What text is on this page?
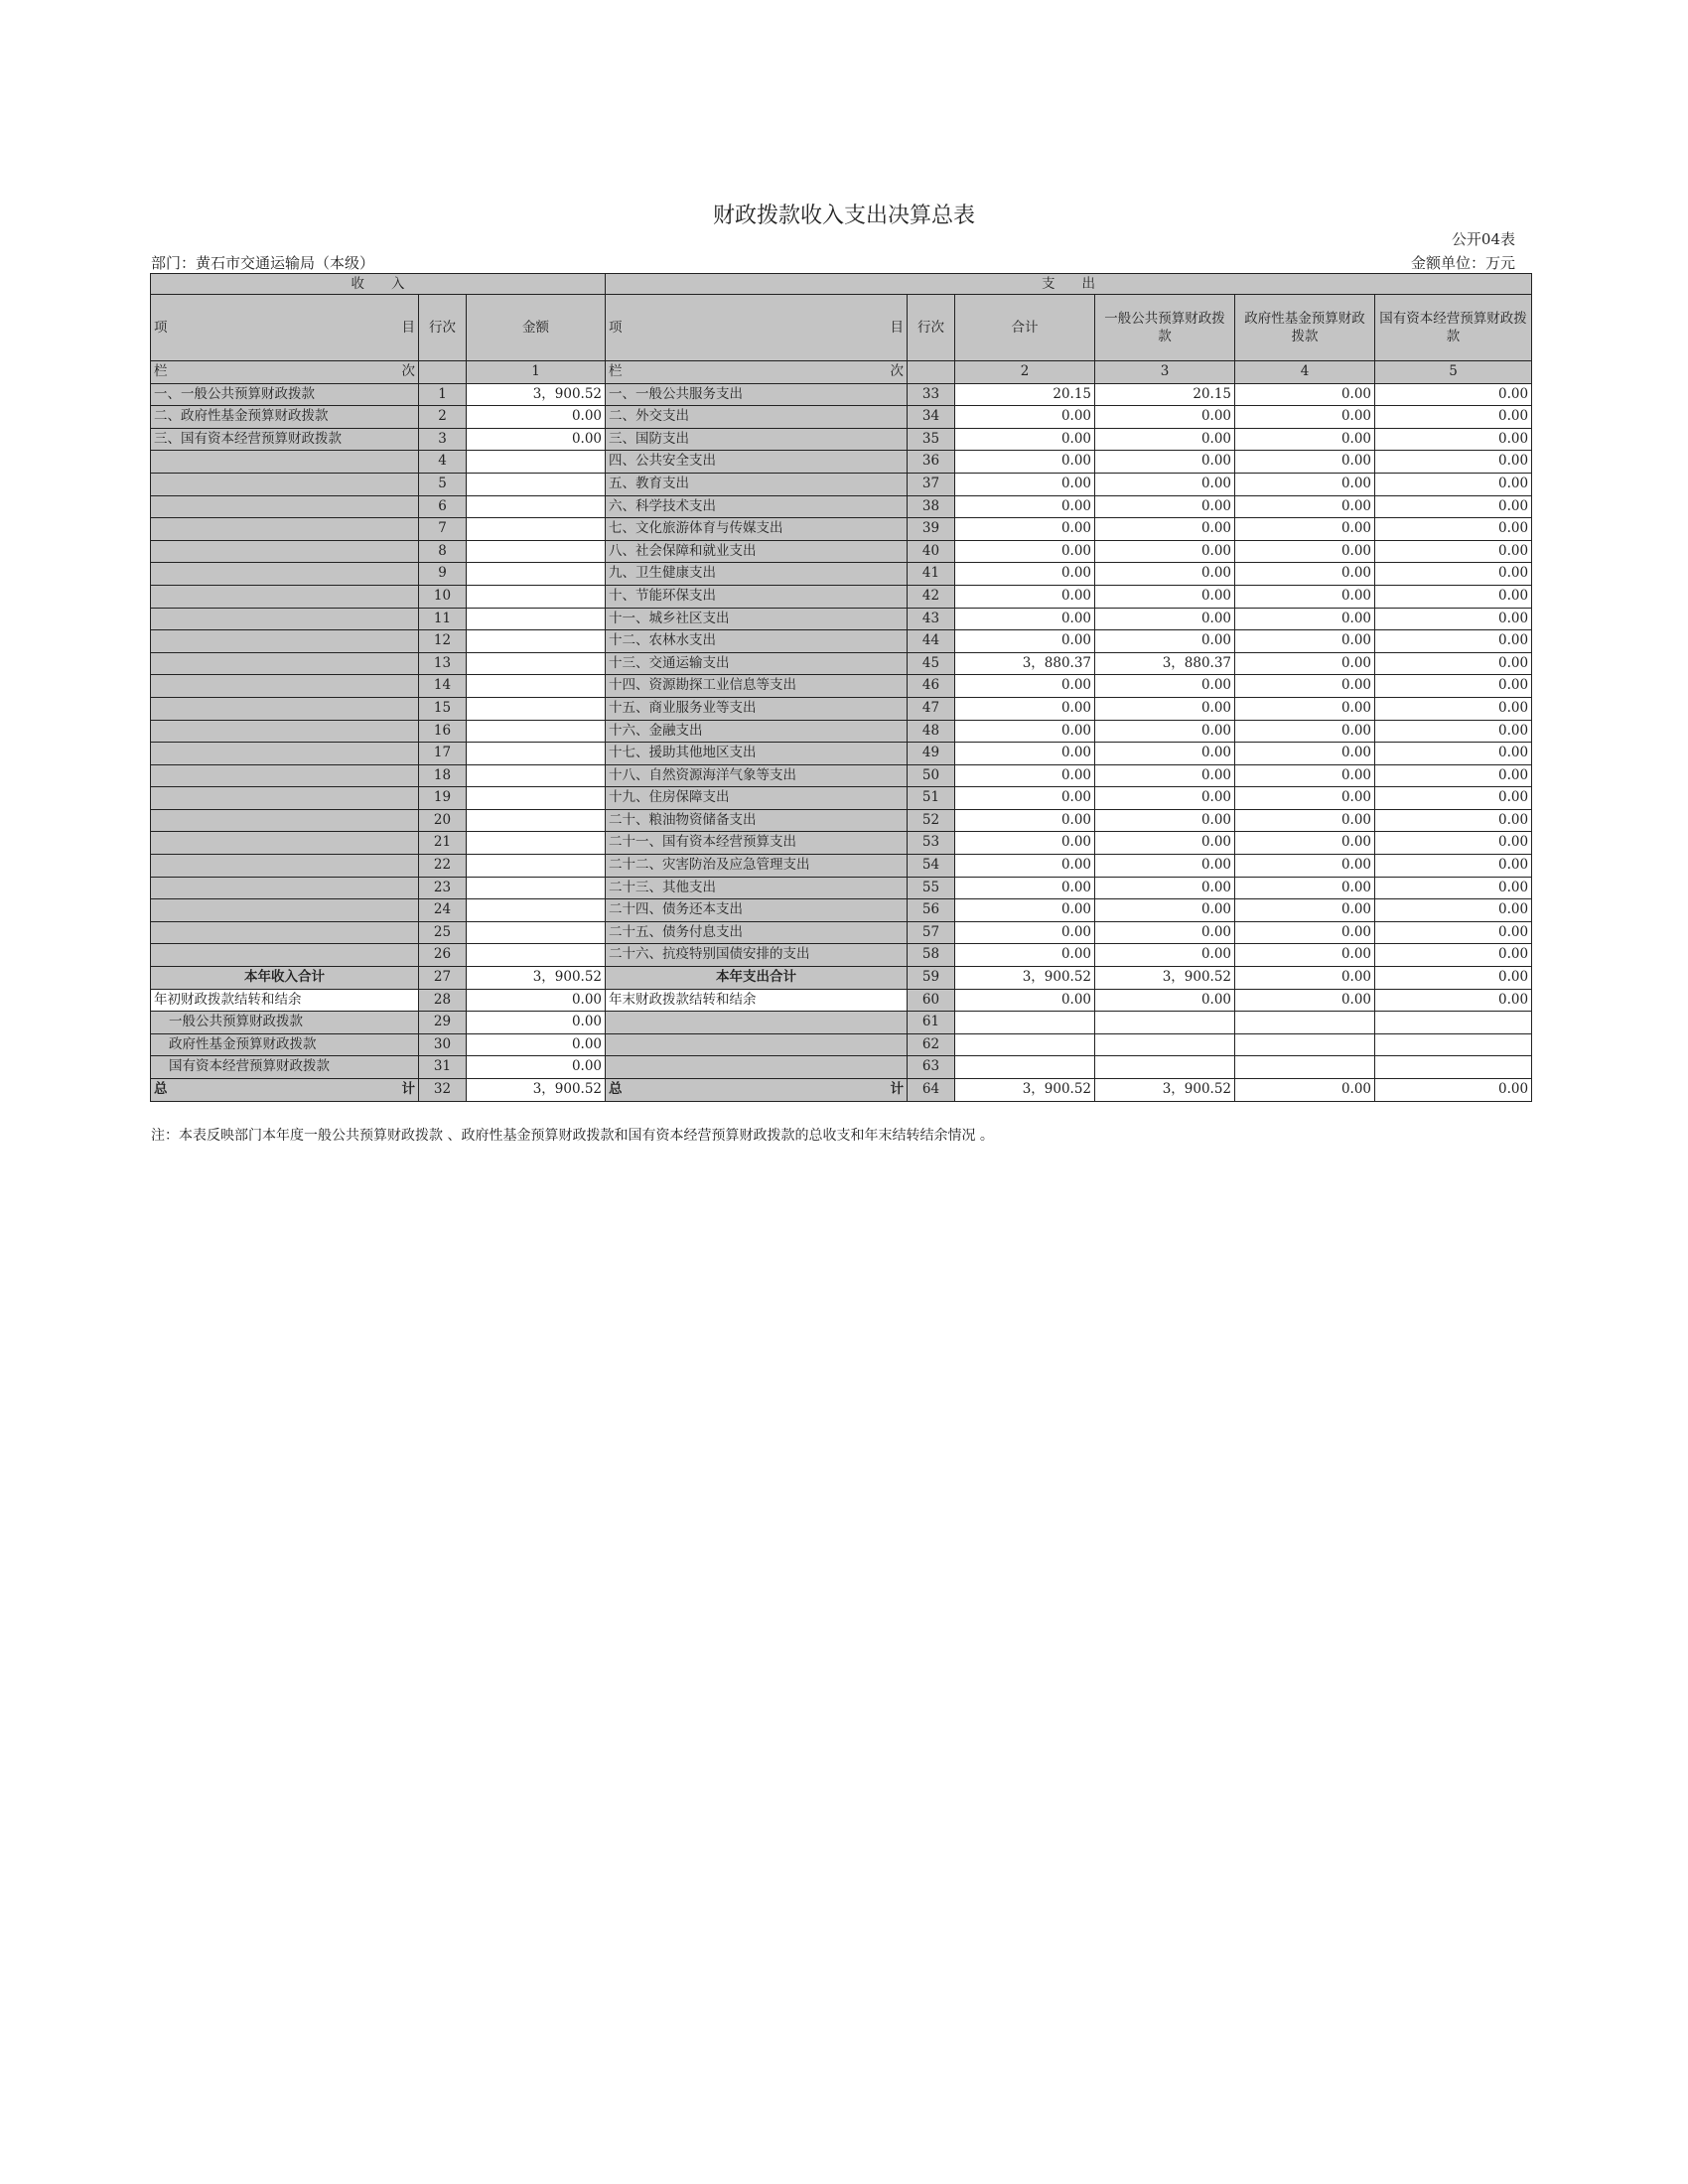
财政拨款收入支出决算总表
公开04表
部门：黄石市交通运输局（本级）	金额单位：万元
收　　入			支　　出					

项 目	行次	金额	项 目	行次	合计	一般公共预算财政拨款	政府性基金预算财政拨款	国有资本经营预算财政拨款

栏 次		1	栏 次		2	3	4	5
一、一般公共预算财政拨款	1	3，900.52	一、一般公共服务支出	33	20.15	20.15	0.00	0.00
二、政府性基金预算财政拨款	2	0.00	二、外交支出	34	0.00	0.00	0.00	0.00
三、国有资本经营预算财政拨款	3	0.00	三、国防支出	35	0.00	0.00	0.00	0.00
	4		四、公共安全支出	36	0.00	0.00	0.00	0.00
	5		五、教育支出	37	0.00	0.00	0.00	0.00
	6		六、科学技术支出	38	0.00	0.00	0.00	0.00
	7		七、文化旅游体育与传媒支出	39	0.00	0.00	0.00	0.00
	8		八、社会保障和就业支出	40	0.00	0.00	0.00	0.00
	9		九、卫生健康支出	41	0.00	0.00	0.00	0.00
	10		十、节能环保支出	42	0.00	0.00	0.00	0.00
	11		十一、城乡社区支出	43	0.00	0.00	0.00	0.00
	12		十二、农林水支出	44	0.00	0.00	0.00	0.00
	13		十三、交通运输支出	45	3，880.37	3，880.37	0.00	0.00
	14		十四、资源勘探工业信息等支出	46	0.00	0.00	0.00	0.00
	15		十五、商业服务业等支出	47	0.00	0.00	0.00	0.00
	16		十六、金融支出	48	0.00	0.00	0.00	0.00
	17		十七、援助其他地区支出	49	0.00	0.00	0.00	0.00
	18		十八、自然资源海洋气象等支出	50	0.00	0.00	0.00	0.00
	19		十九、住房保障支出	51	0.00	0.00	0.00	0.00
	20		二十、粮油物资储备支出	52	0.00	0.00	0.00	0.00
	21		二十一、国有资本经营预算支出	53	0.00	0.00	0.00	0.00
	22		二十二、灾害防治及应急管理支出	54	0.00	0.00	0.00	0.00
	23		二十三、其他支出	55	0.00	0.00	0.00	0.00
	24		二十四、债务还本支出	56	0.00	0.00	0.00	0.00
	25		二十五、债务付息支出	57	0.00	0.00	0.00	0.00
	26		二十六、抗疫特别国债安排的支出	58	0.00	0.00	0.00	0.00
本年收入合计	27	3，900.52	本年支出合计	59	3，900.52	3，900.52	0.00	0.00
年初财政拨款结转和结余	28	0.00	年末财政拨款结转和结余	60	0.00	0.00	0.00	0.00
一般公共预算财政拨款	29	0.00		61				
政府性基金预算财政拨款	30	0.00		62				
国有资本经营预算财政拨款	31	0.00		63				

总 计	32	3，900.52	总 计	64	3，900.52	3，900.52	0.00	0.00
注：本表反映部门本年度一般公共预算财政拨款 、政府性基金预算财政拨款和国有资本经营预算财政拨款的总收支和年末结转结余情况 。
